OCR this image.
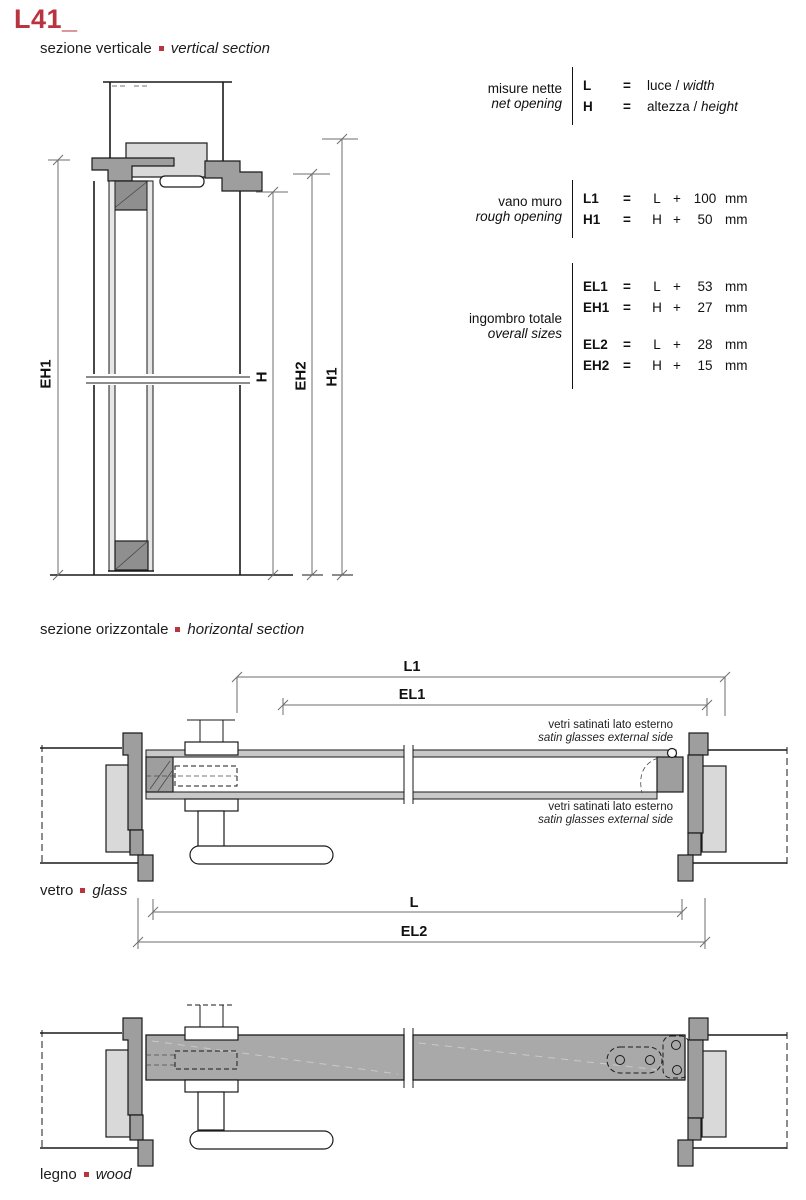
L41_
sezione verticale vertical section
sezione orizzontale horizontal section
vetro glass
legno wood
EH1	H EH2 H1
L1
EL1
L
EL2
vetri satinati lato esterno
satin glasses external side
vetri satinati lato esterno
satin glasses external side
misure nette
net opening
L	=	luce /
width
H	=	altezza /
height
vano muro
rough opening
L1	=	L + 100 mm
H1	=	H +	50 mm
ingombro totale
overall sizes
EL1	=	L +	53 mm
EH1	=	H +	27 mm
EL2	=	L +	28 mm
EH2	=	H +	15 mm
